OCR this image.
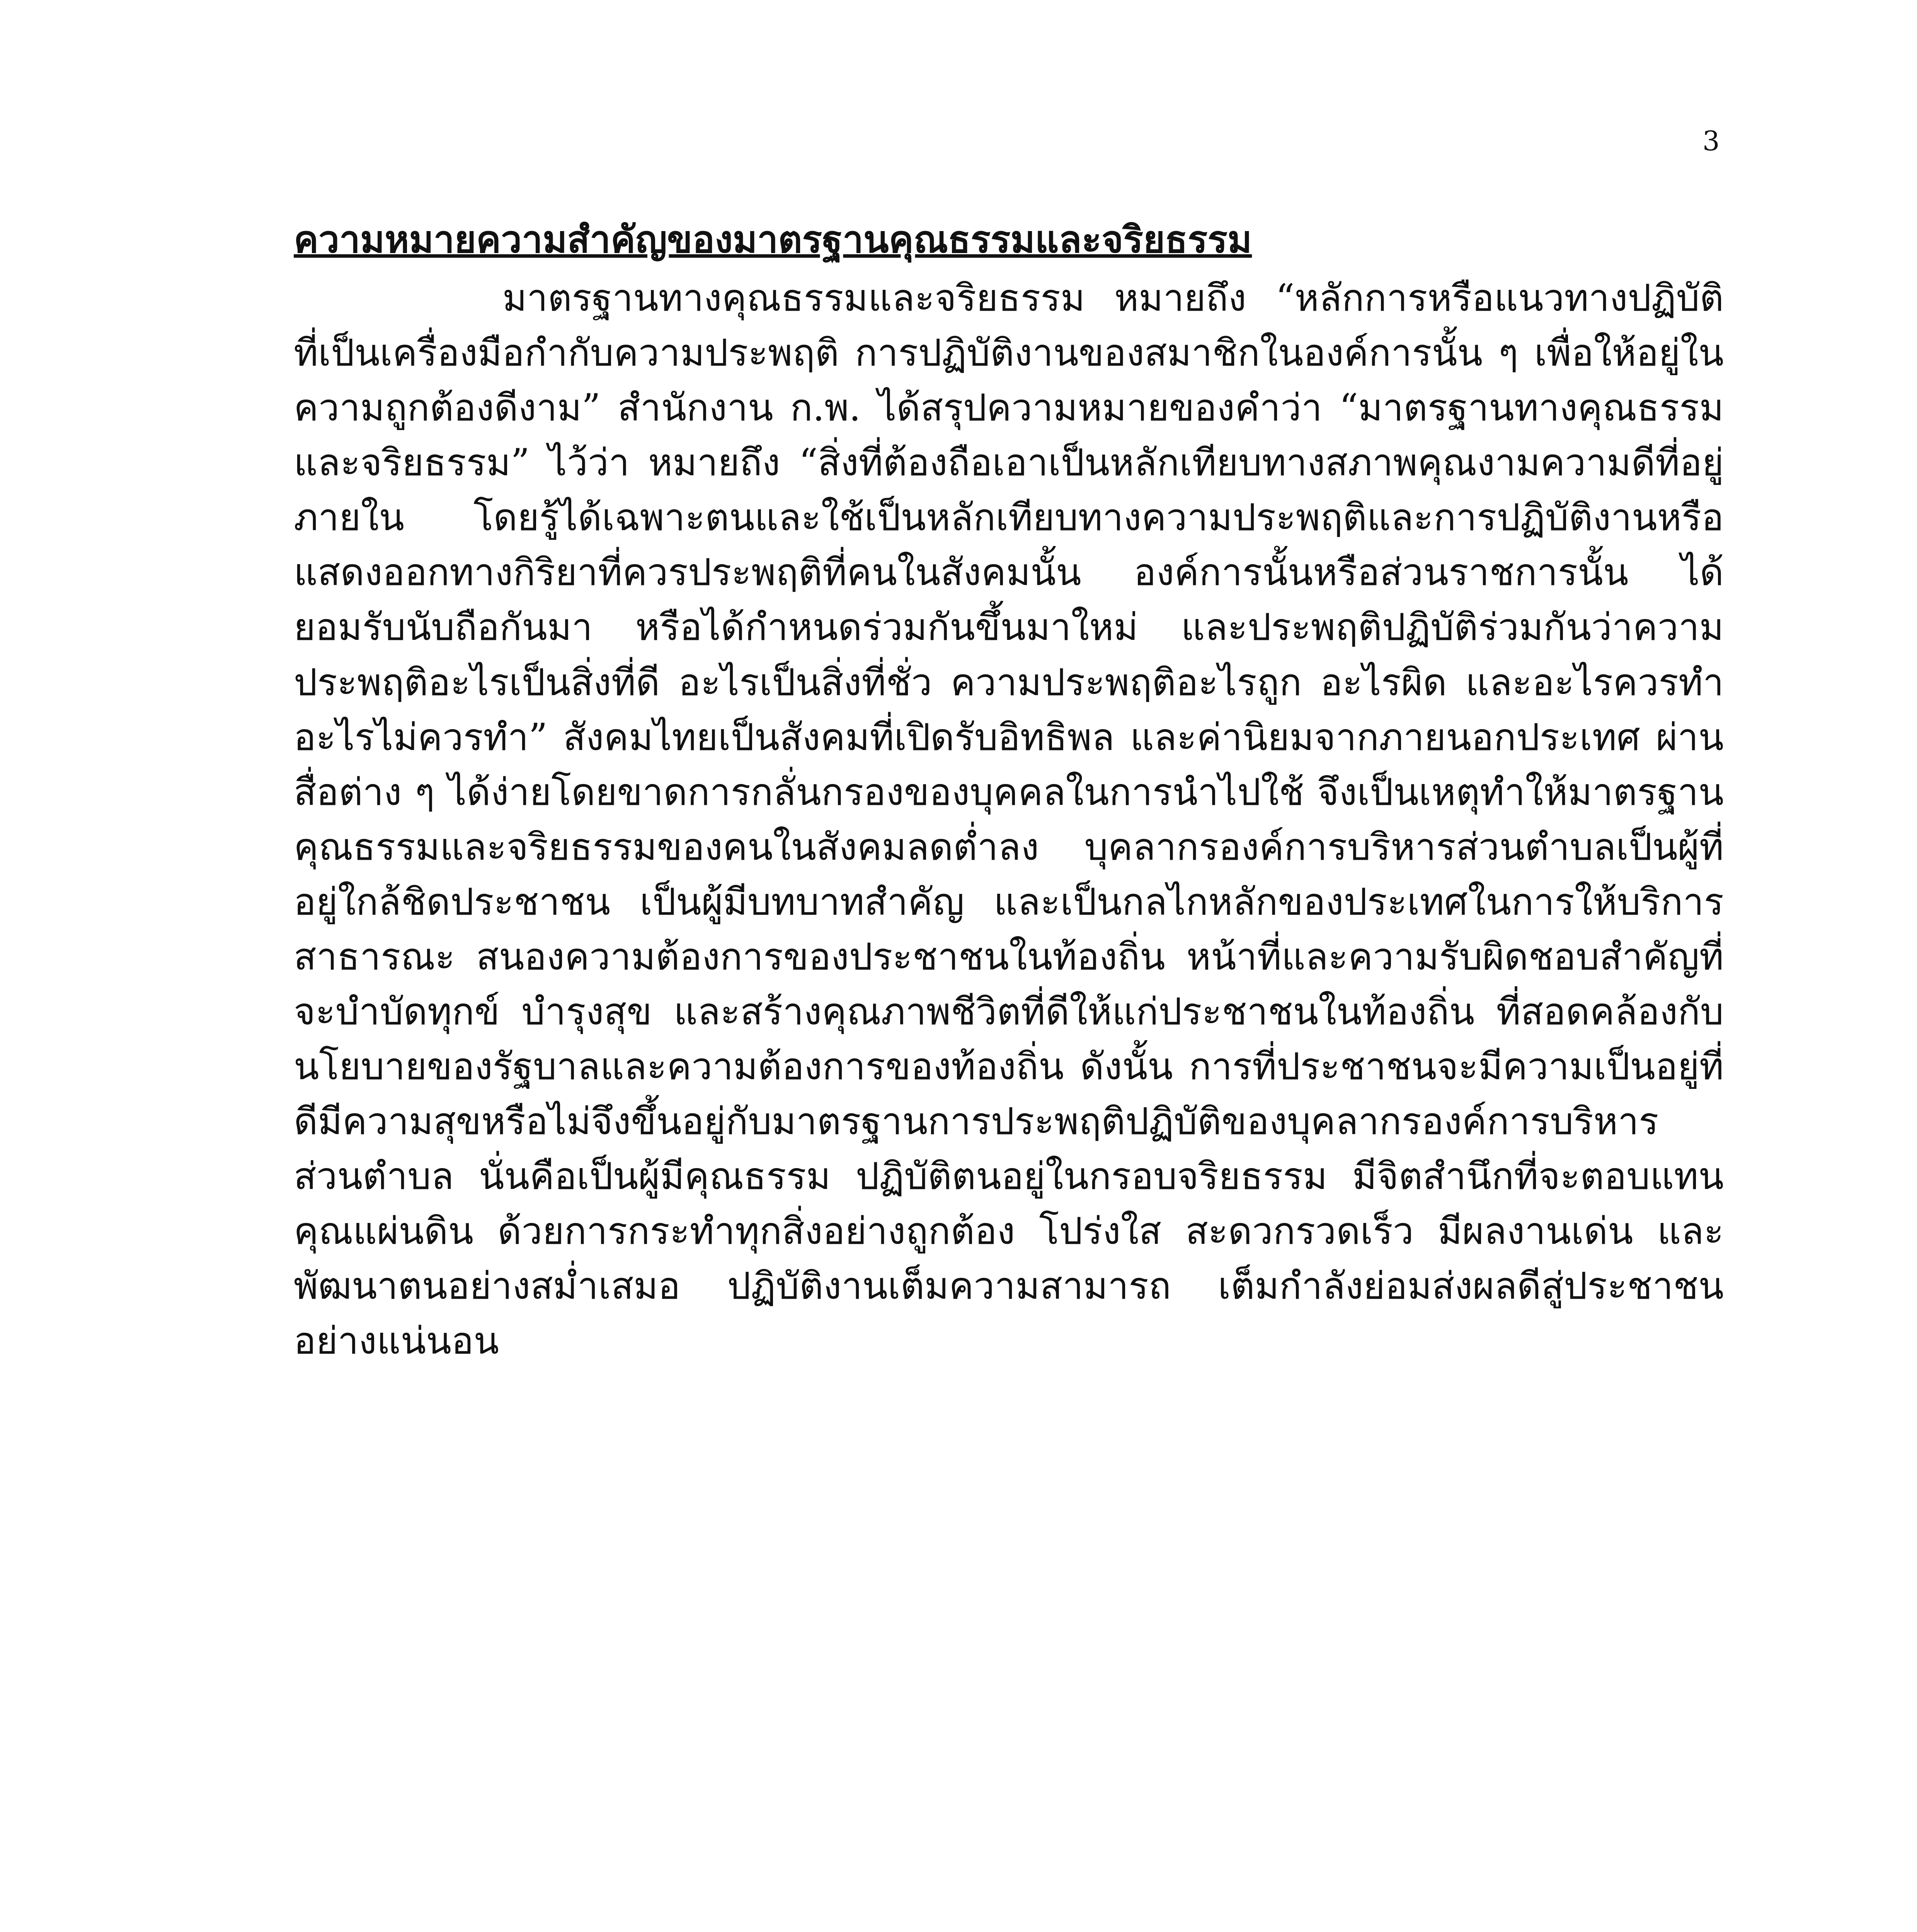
3
ความหมายความสำคัญของมาตรฐานคุณธรรมและจริยธรรม

มาตรฐานทางคุณธรรมและจริยธรรม หมายถึง “หลักการหรือแนวทางปฏิบัติ ที่เป็นเครื่องมือกำกับความประพฤติ การปฏิบัติงานของสมาชิกในองค์การนั้น ๆ เพื่อให้อยู่ในความถูกต้องดีงาม” สำนักงาน ก.พ. ได้สรุปความหมายของคำว่า “มาตรฐานทางคุณธรรมและจริยธรรม” ไว้ว่า หมายถึง “สิ่งที่ต้องถือเอาเป็นหลักเทียบทางสภาพคุณงามความดีที่อยู่ภายใน โดยรู้ได้เฉพาะตนและใช้เป็นหลักเทียบทางความประพฤติและการปฏิบัติงานหรือแสดงออกทางกิริยาที่ควรประพฤติที่คนในสังคมนั้น องค์การนั้นหรือส่วนราชการนั้น ได้ยอมรับนับถือกันมา หรือได้กำหนดร่วมกันขึ้นมาใหม่ และประพฤติปฏิบัติร่วมกันว่าความประพฤติอะไรเป็นสิ่งที่ดี อะไรเป็นสิ่งที่ชั่ว ความประพฤติอะไรถูก อะไรผิด และอะไรควรทำ อะไรไม่ควรทำ” สังคมไทยเป็นสังคมที่เปิดรับอิทธิพล และค่านิยมจากภายนอกประเทศ ผ่านสื่อต่าง ๆ ได้ง่ายโดยขาดการกลั่นกรองของบุคคลในการนำไปใช้ จึงเป็นเหตุทำให้มาตรฐานคุณธรรมและจริยธรรมของคนในสังคมลดต่ำลง บุคลากรองค์การบริหารส่วนตำบลเป็นผู้ที่อยู่ใกล้ชิดประชาชน เป็นผู้มีบทบาทสำคัญ และเป็นกลไกหลักของประเทศในการให้บริการสาธารณะ สนองความต้องการของประชาชนในท้องถิ่น หน้าที่และความรับผิดชอบสำคัญที่จะบำบัดทุกข์ บำรุงสุข และสร้างคุณภาพชีวิตที่ดีให้แก่ประชาชนในท้องถิ่น ที่สอดคล้องกับนโยบายของรัฐบาลและความต้องการของท้องถิ่น ดังนั้น การที่ประชาชนจะมีความเป็นอยู่ที่ดีมีความสุขหรือไม่จึงขึ้นอยู่กับมาตรฐานการประพฤติปฏิบัติของบุคลากรองค์การบริหารส่วนตำบล นั่นคือเป็นผู้มีคุณธรรม ปฏิบัติตนอยู่ในกรอบจริยธรรม มีจิตสำนึกที่จะตอบแทนคุณแผ่นดิน ด้วยการกระทำทุกสิ่งอย่างถูกต้อง โปร่งใส สะดวกรวดเร็ว มีผลงานเด่น และพัฒนาตนอย่างสม่ำเสมอ ปฏิบัติงานเต็มความสามารถ เต็มกำลังย่อมส่งผลดีสู่ประชาชนอย่างแน่นอน
